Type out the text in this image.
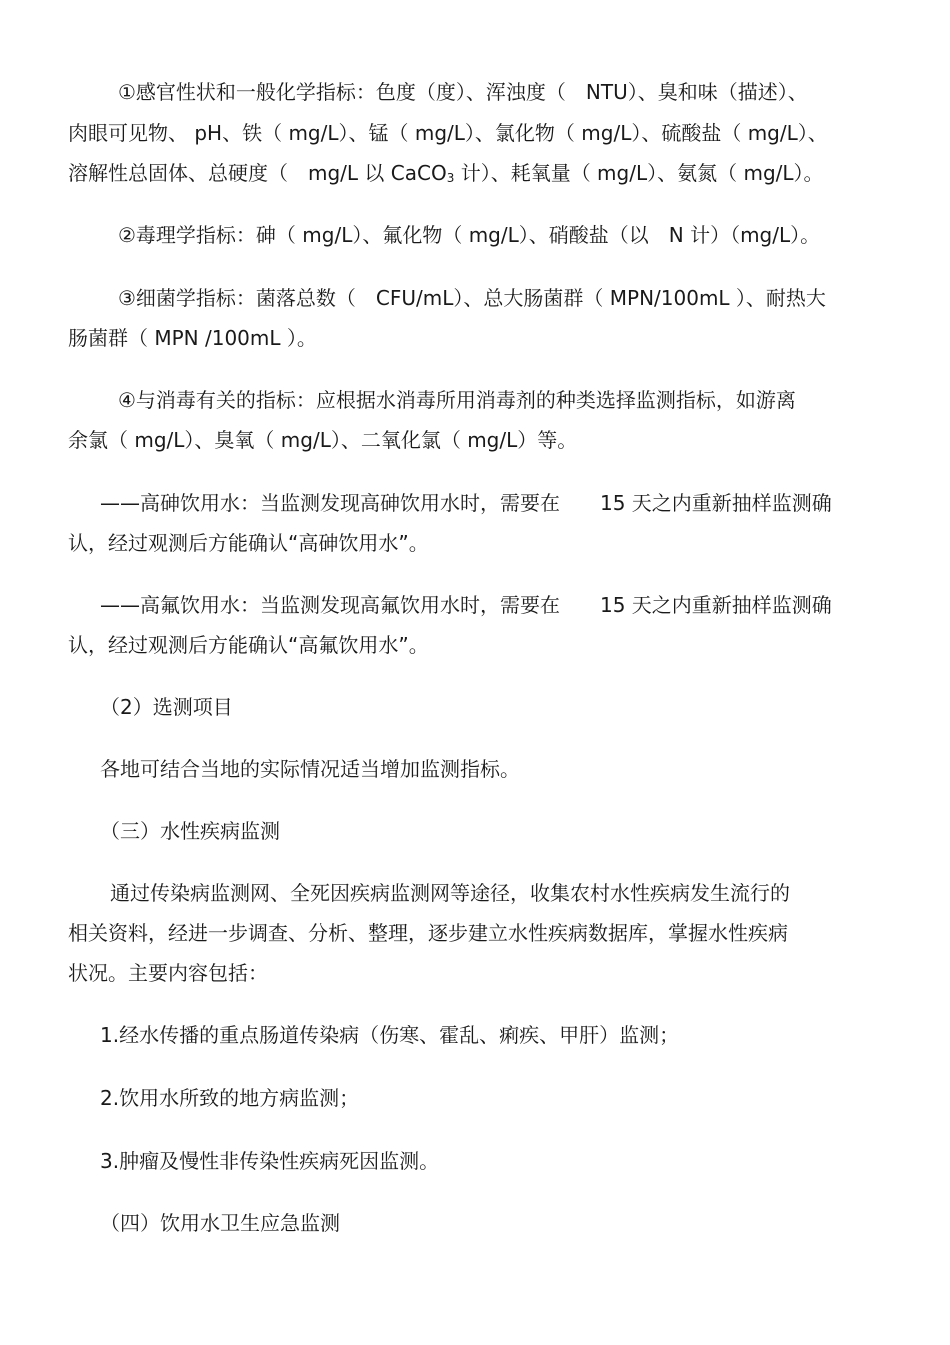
①感官性状和一般化学指标：色度（度）、浑浊度（　NTU）、臭和味（描述）、
肉眼可见物、 pH、铁（ mg/L）、锰（ mg/L）、氯化物（ mg/L）、硫酸盐（ mg/L）、
溶解性总固体、总硬度（　mg/L 以 CaCO$_3$ 计）、耗氧量（ mg/L）、氨氮（ mg/L）。
②毒理学指标：砷（ mg/L）、氟化物（ mg/L）、硝酸盐（以　N 计）（mg/L）。
③细菌学指标：菌落总数（　CFU/mL）、总大肠菌群（ MPN/100mL ）、耐热大
肠菌群（ MPN /100mL ）。
④与消毒有关的指标：应根据水消毒所用消毒剂的种类选择监测指标，如游离
余氯（ mg/L）、臭氧（ mg/L）、二氧化氯（ mg/L）等。
——高砷饮用水：当监测发现高砷饮用水时，需要在　　15 天之内重新抽样监测确
认，经过观测后方能确认“高砷饮用水”。
——高氟饮用水：当监测发现高氟饮用水时，需要在　　15 天之内重新抽样监测确
认，经过观测后方能确认“高氟饮用水”。
（2）选测项目
各地可结合当地的实际情况适当增加监测指标。
（三）水性疾病监测
通过传染病监测网、全死因疾病监测网等途径，收集农村水性疾病发生流行的
相关资料，经进一步调查、分析、整理，逐步建立水性疾病数据库，掌握水性疾病
状况。主要内容包括：
1.经水传播的重点肠道传染病（伤寒、霍乱、痢疾、甲肝）监测；
2.饮用水所致的地方病监测；
3.肿瘤及慢性非传染性疾病死因监测。
（四）饮用水卫生应急监测
